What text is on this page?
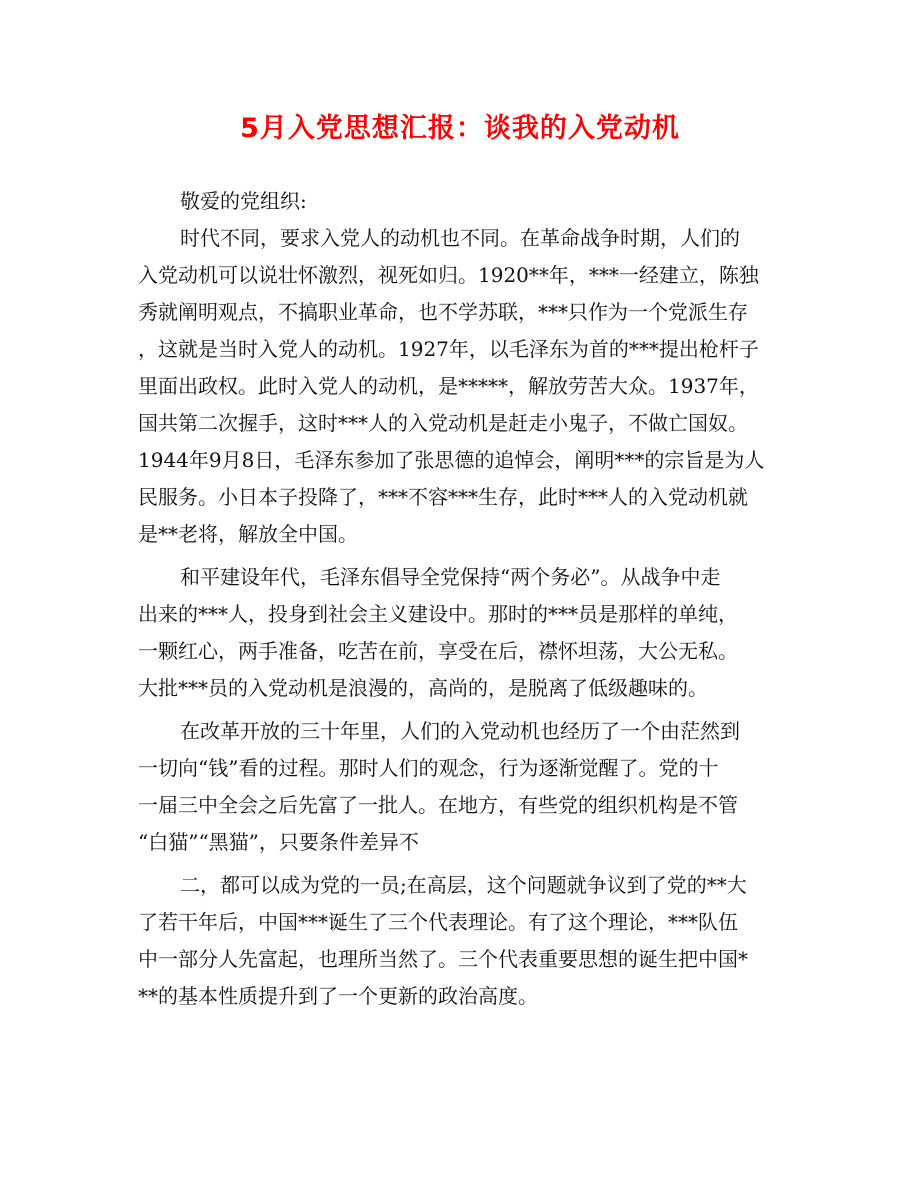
5月入党思想汇报：谈我的入党动机
敬爱的党组织:
时代不同，要求入党人的动机也不同。在革命战争时期，人们的
入党动机可以说壮怀激烈，视死如归。1920**年，***一经建立，陈独
秀就阐明观点，不搞职业革命，也不学苏联，***只作为一个党派生存
，这就是当时入党人的动机。1927年，以毛泽东为首的***提出枪杆子
里面出政权。此时入党人的动机，是*****，解放劳苦大众。1937年，
国共第二次握手，这时***人的入党动机是赶走小鬼子，不做亡国奴。
1944年9月8日，毛泽东参加了张思德的追悼会，阐明***的宗旨是为人
民服务。小日本子投降了，***不容***生存，此时***人的入党动机就
是**老将，解放全中国。
和平建设年代，毛泽东倡导全党保持“两个务必”。从战争中走
出来的***人，投身到社会主义建设中。那时的***员是那样的单纯，
一颗红心，两手准备，吃苦在前，享受在后，襟怀坦荡，大公无私。
大批***员的入党动机是浪漫的，高尚的，是脱离了低级趣味的。
在改革开放的三十年里，人们的入党动机也经历了一个由茫然到
一切向“钱”看的过程。那时人们的观念，行为逐渐觉醒了。党的十
一届三中全会之后先富了一批人。在地方，有些党的组织机构是不管
“白猫”“黑猫”，只要条件差异不
二，都可以成为党的一员;在高层，这个问题就争议到了党的**大
了若干年后，中国***诞生了三个代表理论。有了这个理论，***队伍
中一部分人先富起，也理所当然了。三个代表重要思想的诞生把中国*
**的基本性质提升到了一个更新的政治高度。
